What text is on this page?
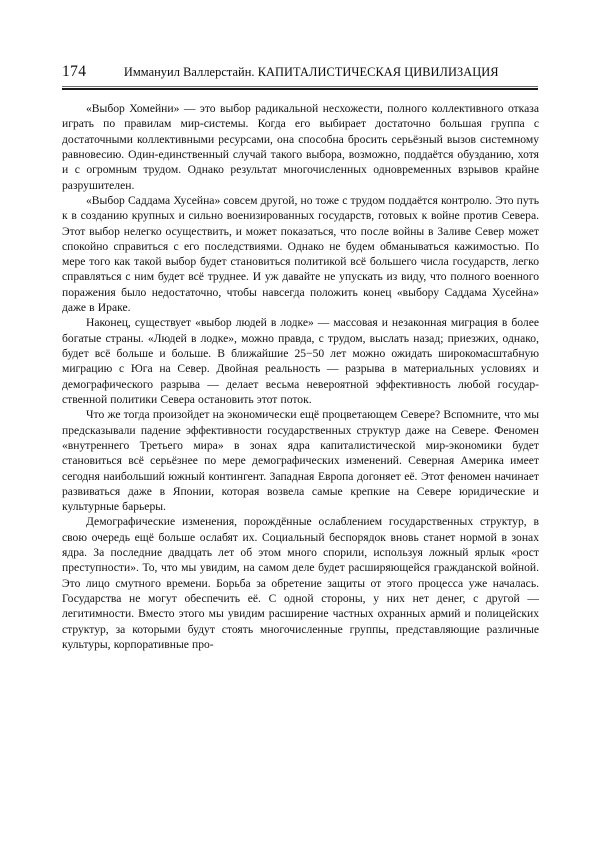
174	Иммануил Валлерстайн. КАПИТАЛИСТИЧЕСКАЯ ЦИВИЛИЗАЦИЯ

«Выбор Хомейни» — это выбор радикальной несхожести, полного коллективного отказа играть по правилам мир-системы. Когда его выбирает достаточно большая группа с достаточными коллективными ресурсами, она способна бросить серьёзный вызов системному равновесию. Один-единственный случай такого выбора, возможно, поддаётся обузданию, хотя и с огромным трудом. Однако результат многочисленных одновременных взрывов крайне разрушителен.

«Выбор Саддама Хусейна» совсем другой, но тоже с трудом поддаётся контролю. Это путь к в созданию крупных и сильно военизированных государств, готовых к войне против Севера. Этот выбор нелегко осуществить, и может показаться, что после войны в Заливе Север может спокойно справиться с его последствиями. Однако не будем обманываться кажимостью. По мере того как такой выбор будет становиться политикой всё большего числа государств, легко справляться с ним будет всё труднее. И уж давайте не упускать из виду, что полного военного поражения было недостаточно, чтобы навсегда положить конец «выбору Саддама Хусейна» даже в Ираке.

Наконец, существует «выбор людей в лодке» — массовая и незаконная миграция в более богатые страны. «Людей в лодке», можно правда, с трудом, выслать назад; приезжих, однако, будет всё больше и больше. В ближайшие 25−50 лет можно ожидать широкомасштабную миграцию с Юга на Север. Двойная реальность — разрыва в материальных условиях и демографического разрыва — делает весьма невероятной эффективность любой государственной политики Севера остановить этот поток.

Что же тогда произойдет на экономически ещё процветающем Севере? Вспомните, что мы предсказывали падение эффективности государственных структур даже на Севере. Феномен «внутреннего Третьего мира» в зонах ядра капиталистической мир-экономики будет становиться всё серьёзнее по мере демографических изменений. Северная Америка имеет сегодня наибольший южный контингент. Западная Европа догоняет её. Этот феномен начинает развиваться даже в Японии, которая возвела самые крепкие на Севере юридические и культурные барьеры.

Демографические изменения, порождённые ослаблением государственных структур, в свою очередь ещё больше ослабят их. Социальный беспорядок вновь станет нормой в зонах ядра. За последние двадцать лет об этом много спорили, используя ложный ярлык «рост преступности». То, что мы увидим, на самом деле будет расширяющейся гражданской войной. Это лицо смутного времени. Борьба за обретение защиты от этого процесса уже началась. Государства не могут обеспечить её. С одной стороны, у них нет денег, с другой — легитимности. Вместо этого мы увидим расширение частных охранных армий и полицейских структур, за которыми будут стоять многочисленные группы, представляющие различные культуры, корпоративные про-
